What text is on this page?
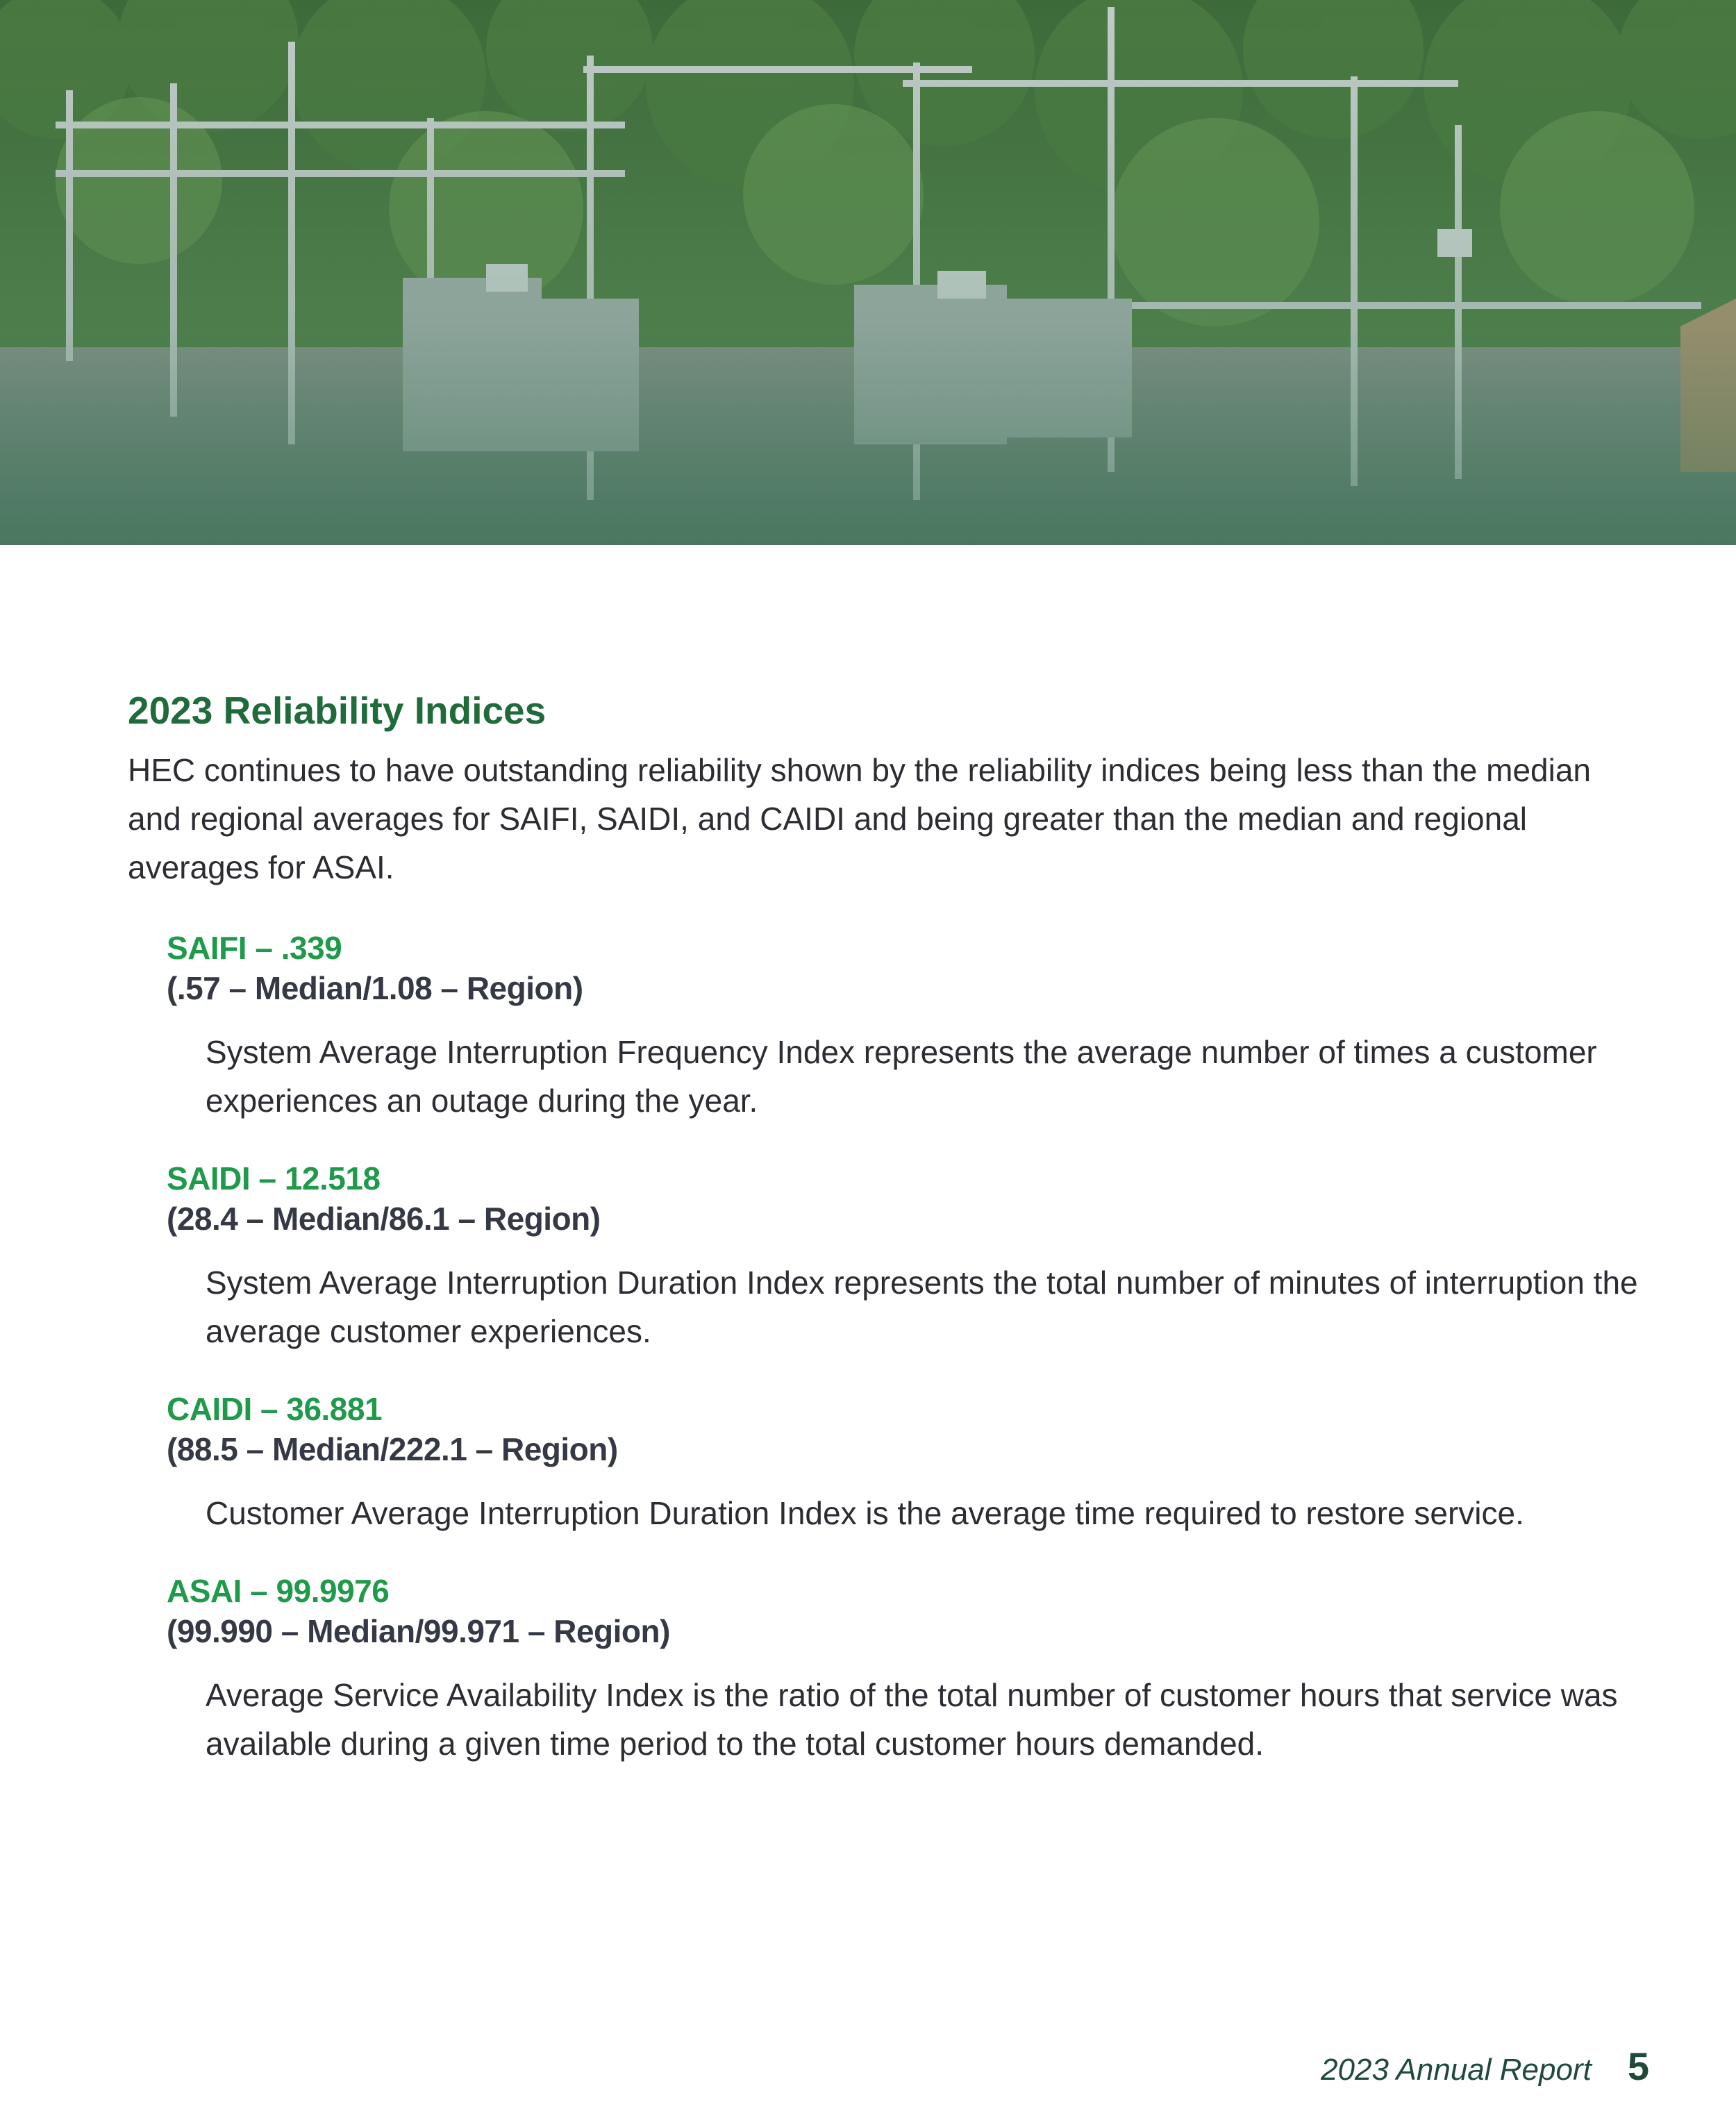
2023 Reliability Indices

HEC continues to have outstanding reliability shown by the reliability indices being less than the median and regional averages for SAIFI, SAIDI, and CAIDI and being greater than the median and regional averages for ASAI.

SAIFI – .339
(.57 – Median/1.08 – Region)
System Average Interruption Frequency Index represents the average number of times a customer experiences an outage during the year.
SAIDI – 12.518
(28.4 – Median/86.1 – Region)
System Average Interruption Duration Index represents the total number of minutes of interruption the average customer experiences.
CAIDI – 36.881
(88.5 – Median/222.1 – Region)
Customer Average Interruption Duration Index is the average time required to restore service.
ASAI – 99.9976
(99.990 – Median/99.971 – Region)
Average Service Availability Index is the ratio of the total number of customer hours that service was available during a given time period to the total customer hours demanded.
2023 Annual Report 5
